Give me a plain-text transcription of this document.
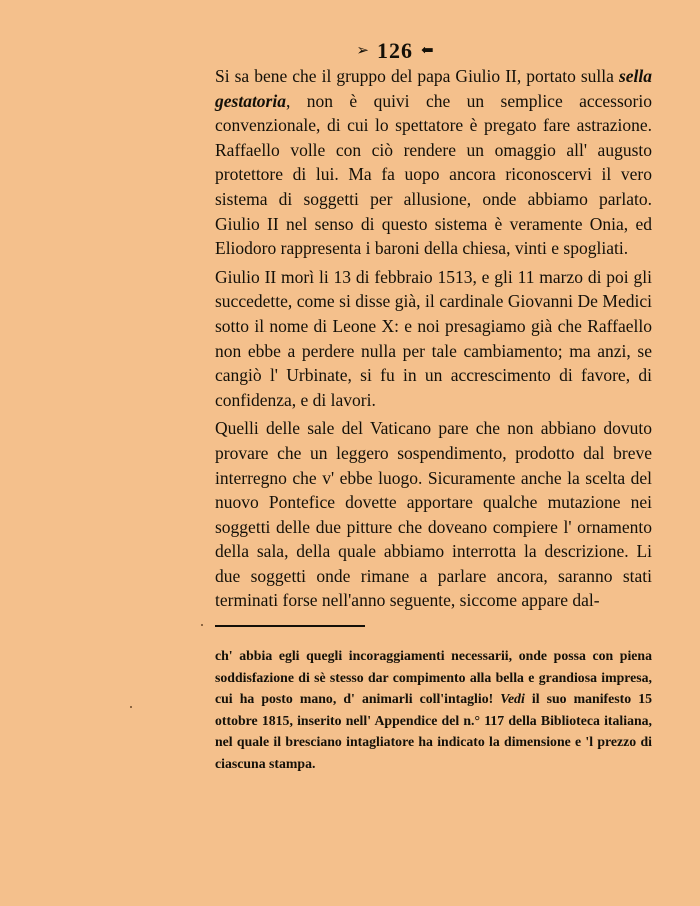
➢ 126 ⬅

Si sa bene che il gruppo del papa Giulio II, portato sulla sella gestatoria, non è quivi che un semplice accessorio convenzionale, di cui lo spettatore è pregato fare astrazione. Raffaello volle con ciò rendere un omaggio all' augusto protettore di lui. Ma fa uopo ancora riconoscervi il vero sistema di soggetti per allusione, onde abbiamo parlato. Giulio II nel senso di questo sistema è veramente Onia, ed Eliodoro rappresenta i baroni della chiesa, vinti e spogliati.

Giulio II morì li 13 di febbraio 1513, e gli 11 marzo di poi gli succedette, come si disse già, il cardinale Giovanni De Medici sotto il nome di Leone X: e noi presagiamo già che Raffaello non ebbe a perdere nulla per tale cambiamento; ma anzi, se cangiò l' Urbinate, si fu in un accrescimento di favore, di confidenza, e di lavori.

Quelli delle sale del Vaticano pare che non abbiano dovuto provare che un leggero sospendimento, prodotto dal breve interregno che v' ebbe luogo. Sicuramente anche la scelta del nuovo Pontefice dovette apportare qualche mutazione nei soggetti delle due pitture che doveano compiere l' ornamento della sala, della quale abbiamo interrotta la descrizione. Li due soggetti onde rimane a parlare ancora, saranno stati terminati forse nell'anno seguente, siccome appare dal-

ch' abbia egli quegli incoraggiamenti necessarii, onde possa con piena soddisfazione di sè stesso dar compimento alla bella e grandiosa impresa, cui ha posto mano, d' animarli coll'intaglio! Vedi il suo manifesto 15 ottobre 1815, inserito nell' Appendice del n.° 117 della Biblioteca italiana, nel quale il bresciano intagliatore ha indicato la dimensione e 'l prezzo di ciascuna stampa.
